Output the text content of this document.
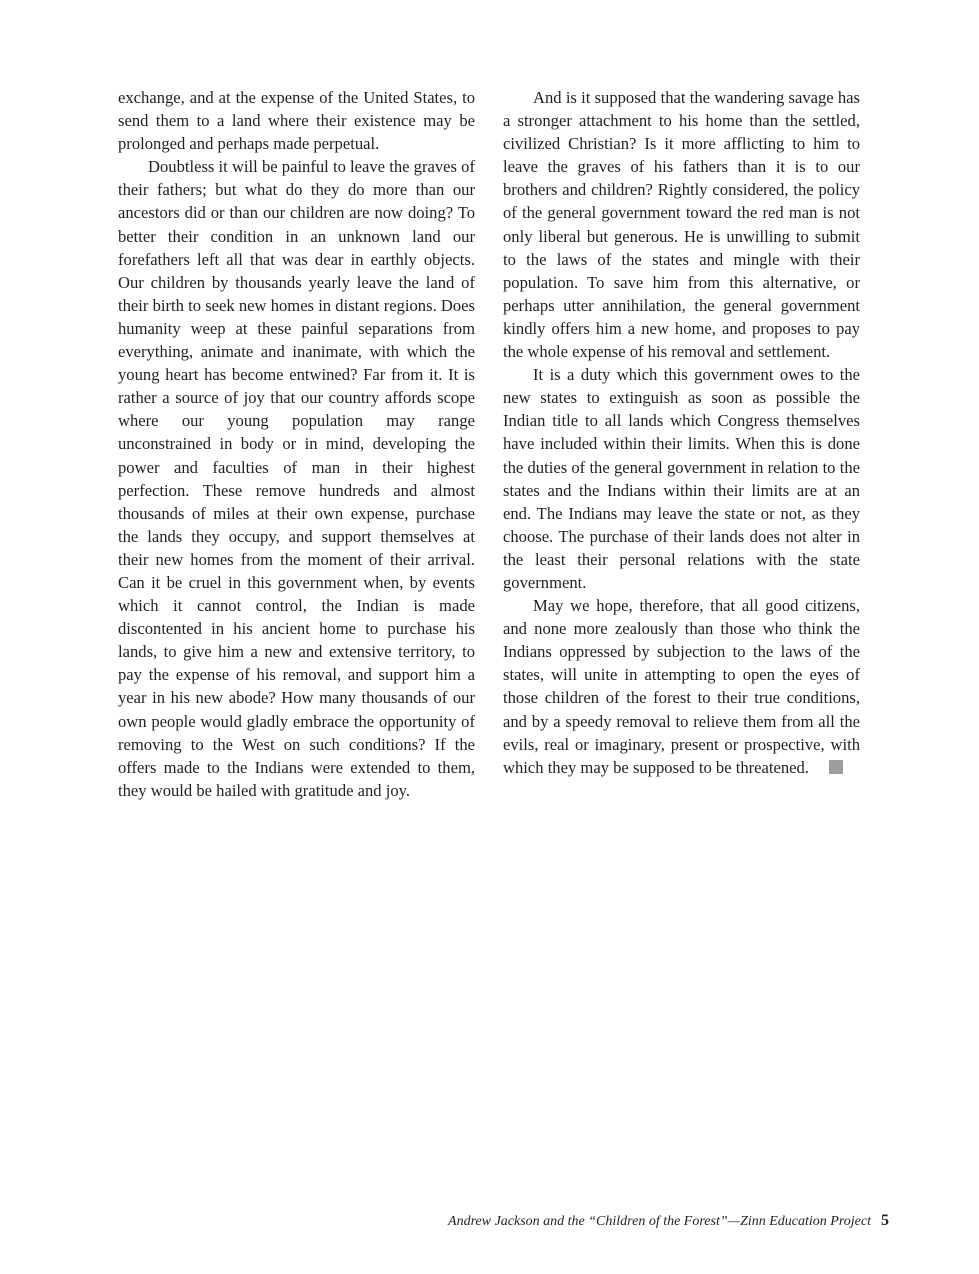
exchange, and at the expense of the United States, to send them to a land where their existence may be prolonged and perhaps made perpetual.

Doubtless it will be painful to leave the graves of their fathers; but what do they do more than our ancestors did or than our children are now doing? To better their condition in an unknown land our forefathers left all that was dear in earthly objects. Our children by thousands yearly leave the land of their birth to seek new homes in distant regions. Does humanity weep at these painful separations from everything, animate and inanimate, with which the young heart has become entwined? Far from it. It is rather a source of joy that our country affords scope where our young population may range unconstrained in body or in mind, developing the power and faculties of man in their highest perfection. These remove hundreds and almost thousands of miles at their own expense, purchase the lands they occupy, and support themselves at their new homes from the moment of their arrival. Can it be cruel in this government when, by events which it cannot control, the Indian is made discontented in his ancient home to purchase his lands, to give him a new and extensive territory, to pay the expense of his removal, and support him a year in his new abode? How many thousands of our own people would gladly embrace the opportunity of removing to the West on such conditions? If the offers made to the Indians were extended to them, they would be hailed with gratitude and joy.

And is it supposed that the wandering savage has a stronger attachment to his home than the settled, civilized Christian? Is it more afflicting to him to leave the graves of his fathers than it is to our brothers and children? Rightly considered, the policy of the general government toward the red man is not only liberal but generous. He is unwilling to submit to the laws of the states and mingle with their population. To save him from this alternative, or perhaps utter annihilation, the general government kindly offers him a new home, and proposes to pay the whole expense of his removal and settlement.

It is a duty which this government owes to the new states to extinguish as soon as possible the Indian title to all lands which Congress themselves have included within their limits. When this is done the duties of the general government in relation to the states and the Indians within their limits are at an end. The Indians may leave the state or not, as they choose. The purchase of their lands does not alter in the least their personal relations with the state government.

May we hope, therefore, that all good citizens, and none more zealously than those who think the Indians oppressed by subjection to the laws of the states, will unite in attempting to open the eyes of those children of the forest to their true conditions, and by a speedy removal to relieve them from all the evils, real or imaginary, present or prospective, with which they may be supposed to be threatened.

Andrew Jackson and the “Children of the Forest”—Zinn Education Project 5
